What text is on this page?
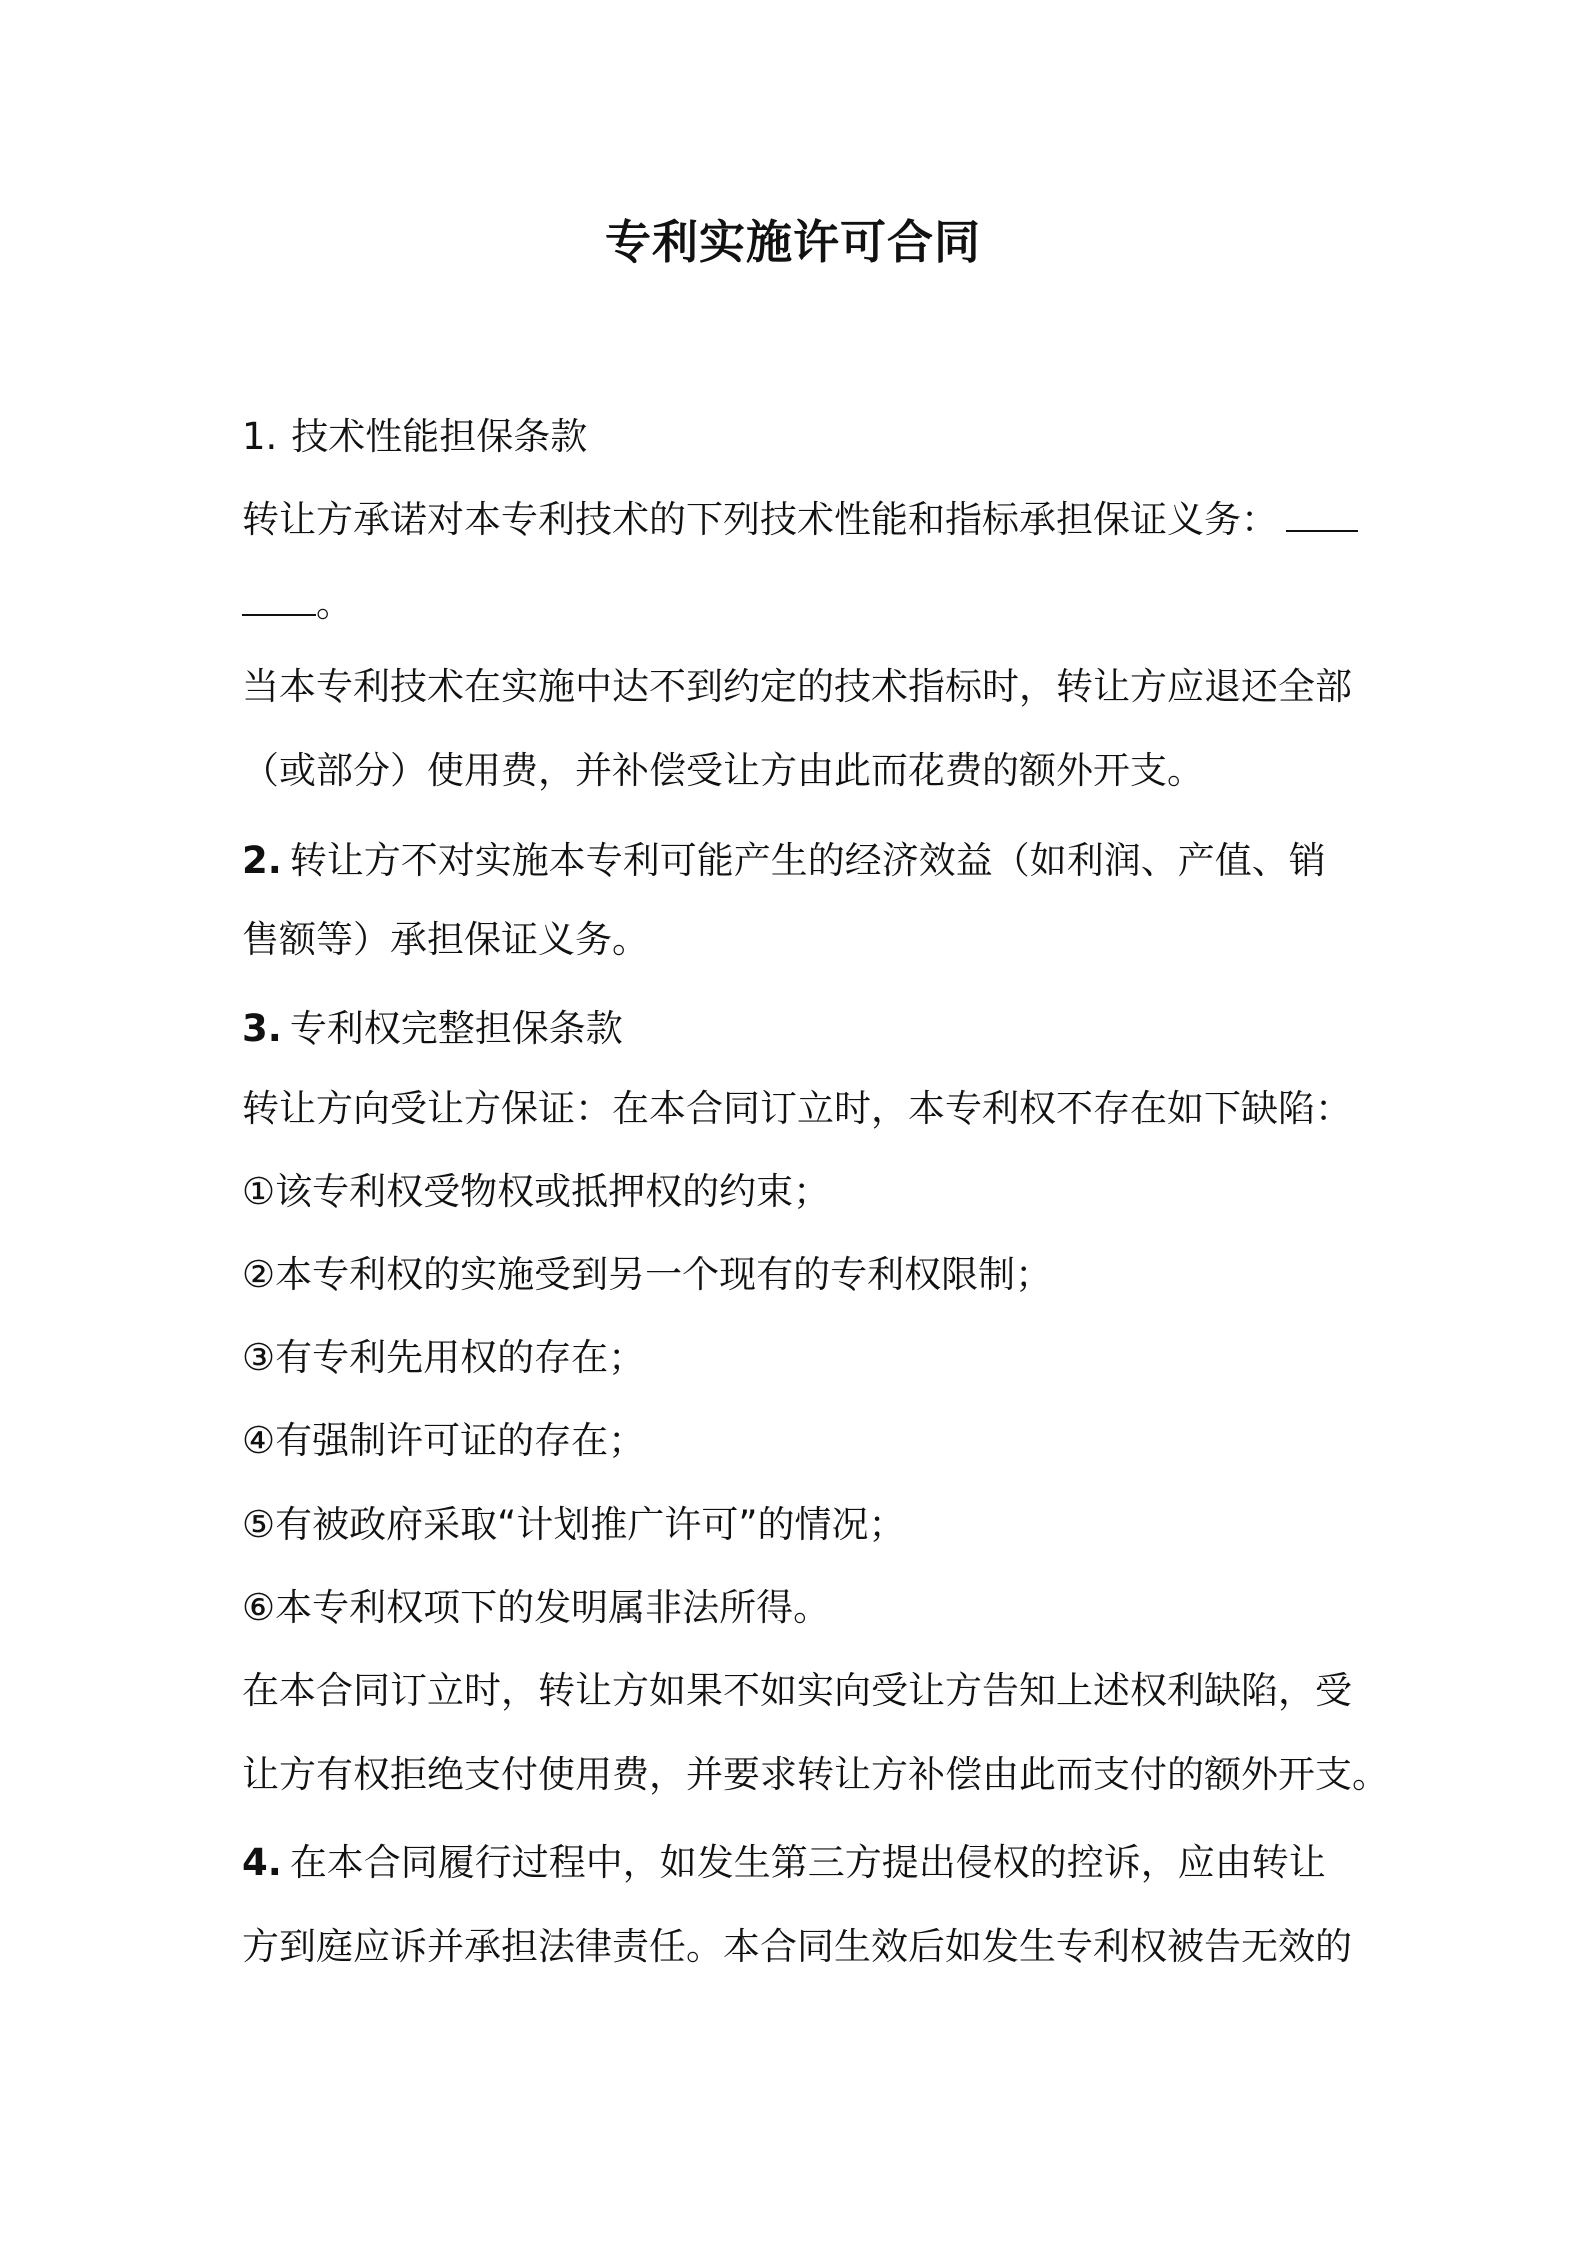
专利实施许可合同
1. 技术性能担保条款
转让方承诺对本专利技术的下列技术性能和指标承担保证义务：
。
当本专利技术在实施中达不到约定的技术指标时，转让方应退还全部
（或部分）使用费，并补偿受让方由此而花费的额外开支。
2. 转让方不对实施本专利可能产生的经济效益（如利润、产值、销
售额等）承担保证义务。
3. 专利权完整担保条款
转让方向受让方保证：在本合同订立时，本专利权不存在如下缺陷：
①该专利权受物权或抵押权的约束；
②本专利权的实施受到另一个现有的专利权限制；
③有专利先用权的存在；
④有强制许可证的存在；
⑤有被政府采取“计划推广许可”的情况；
⑥本专利权项下的发明属非法所得。
在本合同订立时，转让方如果不如实向受让方告知上述权利缺陷，受
让方有权拒绝支付使用费，并要求转让方补偿由此而支付的额外开支。
4. 在本合同履行过程中，如发生第三方提出侵权的控诉，应由转让
方到庭应诉并承担法律责任。本合同生效后如发生专利权被告无效的
